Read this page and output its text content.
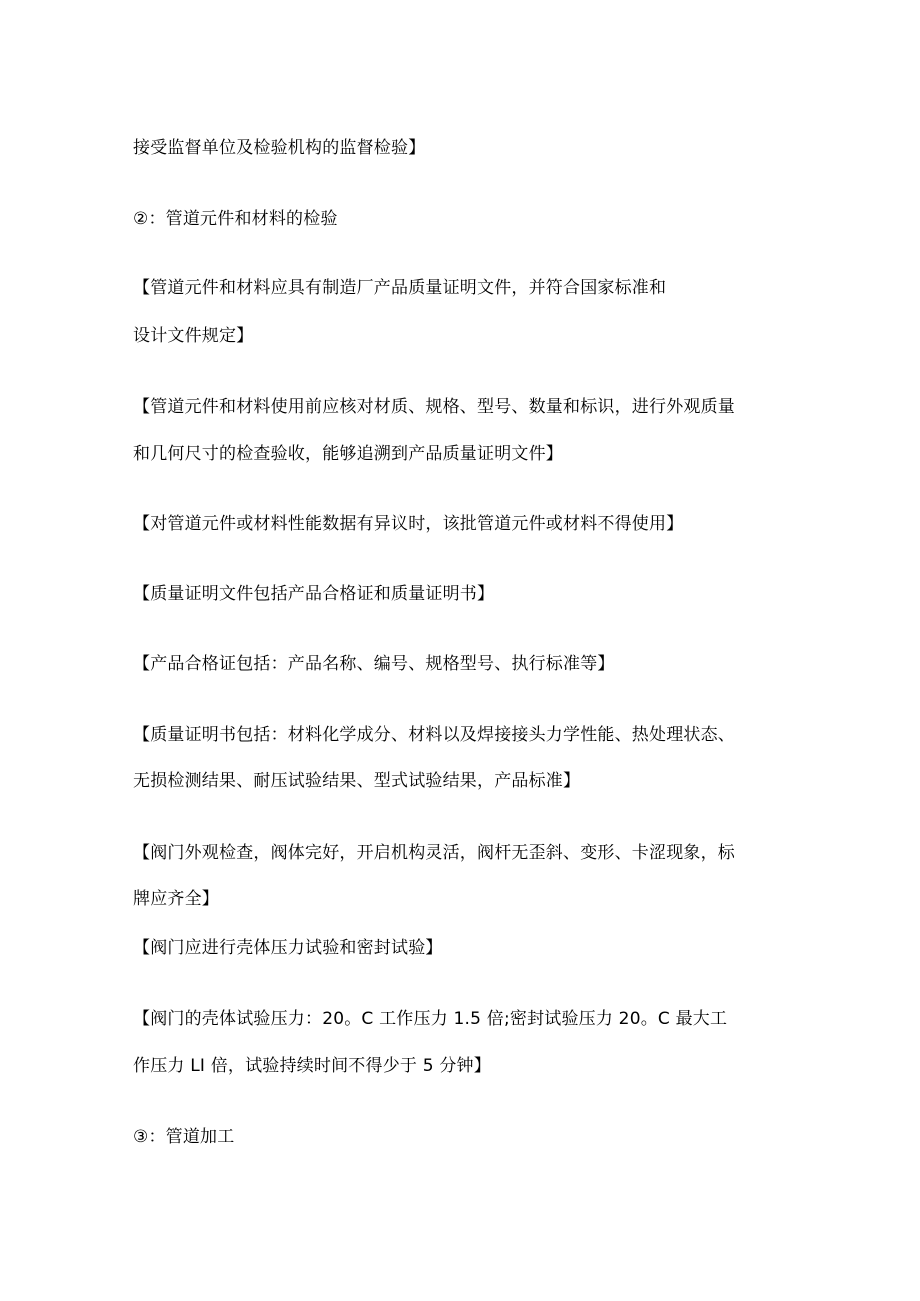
接受监督单位及检验机构的监督检验】
②：管道元件和材料的检验
【管道元件和材料应具有制造厂产品质量证明文件，并符合国家标准和
设计文件规定】
【管道元件和材料使用前应核对材质、规格、型号、数量和标识，进行外观质量
和几何尺寸的检查验收，能够追溯到产品质量证明文件】
【对管道元件或材料性能数据有异议时，该批管道元件或材料不得使用】
【质量证明文件包括产品合格证和质量证明书】
【产品合格证包括：产品名称、编号、规格型号、执行标准等】
【质量证明书包括：材料化学成分、材料以及焊接接头力学性能、热处理状态、
无损检测结果、耐压试验结果、型式试验结果，产品标准】
【阀门外观检查，阀体完好，开启机构灵活，阀杆无歪斜、变形、卡涩现象，标
牌应齐全】
【阀门应进行壳体压力试验和密封试验】
【阀门的壳体试验压力：20。C 工作压力 1.5 倍;密封试验压力 20。C 最大工
作压力 LI 倍，试验持续时间不得少于 5 分钟】
③：管道加工
